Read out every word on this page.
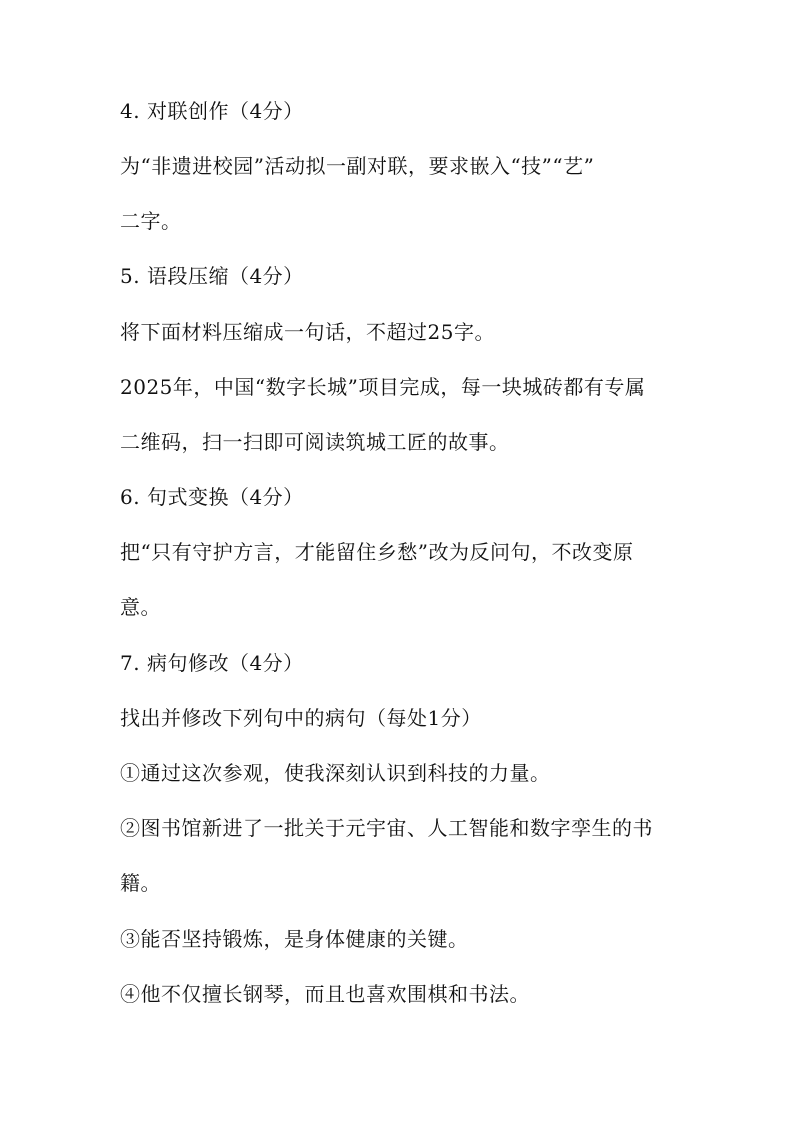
4. 对联创作（4分）
为“非遗进校园”活动拟一副对联，要求嵌入“技”“艺”
二字。
5. 语段压缩（4分）
将下面材料压缩成一句话，不超过25字。
2025年，中国“数字长城”项目完成，每一块城砖都有专属
二维码，扫一扫即可阅读筑城工匠的故事。
6. 句式变换（4分）
把“只有守护方言，才能留住乡愁”改为反问句，不改变原
意。
7. 病句修改（4分）
找出并修改下列句中的病句（每处1分）
①通过这次参观，使我深刻认识到科技的力量。
②图书馆新进了一批关于元宇宙、人工智能和数字孪生的书
籍。
③能否坚持锻炼，是身体健康的关键。
④他不仅擅长钢琴，而且也喜欢围棋和书法。
